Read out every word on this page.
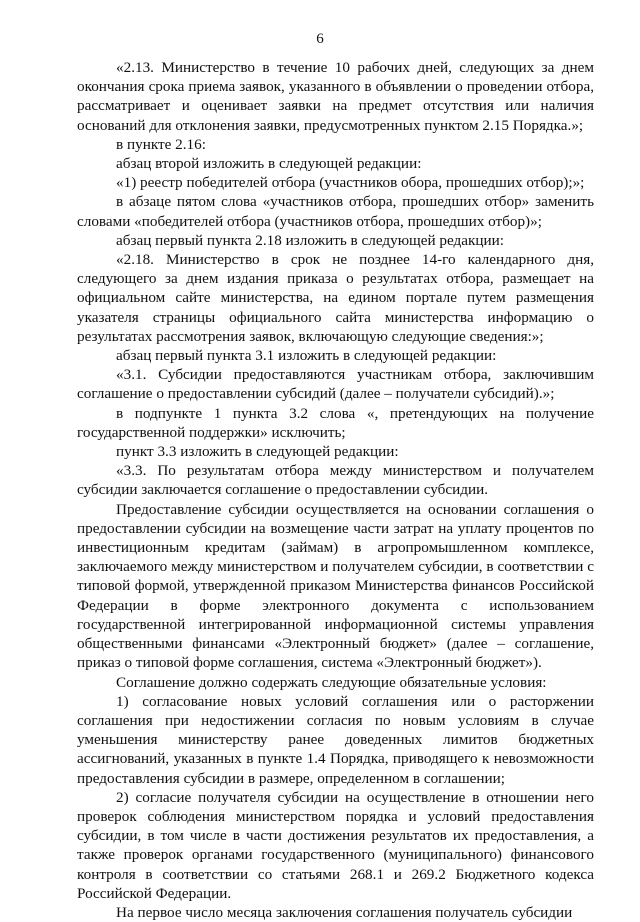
6

«2.13. Министерство в течение 10 рабочих дней, следующих за днем окончания срока приема заявок, указанного в объявлении о проведении отбора, рассматривает и оценивает заявки на предмет отсутствия или наличия оснований для отклонения заявки, предусмотренных пунктом 2.15 Порядка.»;

в пункте 2.16:

абзац второй изложить в следующей редакции:

«1) реестр победителей отбора (участников обора, прошедших отбор);»;

в абзаце пятом слова «участников отбора, прошедших отбор» заменить словами «победителей отбора (участников отбора, прошедших отбор)»;

абзац первый пункта 2.18 изложить в следующей редакции:

«2.18. Министерство в срок не позднее 14-го календарного дня, следующего за днем издания приказа о результатах отбора, размещает на официальном сайте министерства, на едином портале путем размещения указателя страницы официального сайта министерства информацию о результатах рассмотрения заявок, включающую следующие сведения:»;

абзац первый пункта 3.1 изложить в следующей редакции:

«3.1. Субсидии предоставляются участникам отбора, заключившим соглашение о предоставлении субсидий (далее – получатели субсидий).»;

в подпункте 1 пункта 3.2 слова «, претендующих на получение государственной поддержки» исключить;

пункт 3.3 изложить в следующей редакции:

«3.3. По результатам отбора между министерством и получателем субсидии заключается соглашение о предоставлении субсидии.

Предоставление субсидии осуществляется на основании соглашения о предоставлении субсидии на возмещение части затрат на уплату процентов по инвестиционным кредитам (займам) в агропромышленном комплексе, заключаемого между министерством и получателем субсидии, в соответствии с типовой формой, утвержденной приказом Министерства финансов Российской Федерации в форме электронного документа с использованием государственной интегрированной информационной системы управления общественными финансами «Электронный бюджет» (далее – соглашение, приказ о типовой форме соглашения, система «Электронный бюджет»).

Соглашение должно содержать следующие обязательные условия:

1) согласование новых условий соглашения или о расторжении соглашения при недостижении согласия по новым условиям в случае уменьшения министерству ранее доведенных лимитов бюджетных ассигнований, указанных в пункте 1.4 Порядка, приводящего к невозможности предоставления субсидии в размере, определенном в соглашении;

2) согласие получателя субсидии на осуществление в отношении него проверок соблюдения министерством порядка и условий предоставления субсидии, в том числе в части достижения результатов их предоставления, а также проверок органами государственного (муниципального) финансового контроля в соответствии со статьями 268.1 и 269.2 Бюджетного кодекса Российской Федерации.

На первое число месяца заключения соглашения получатель субсидии
